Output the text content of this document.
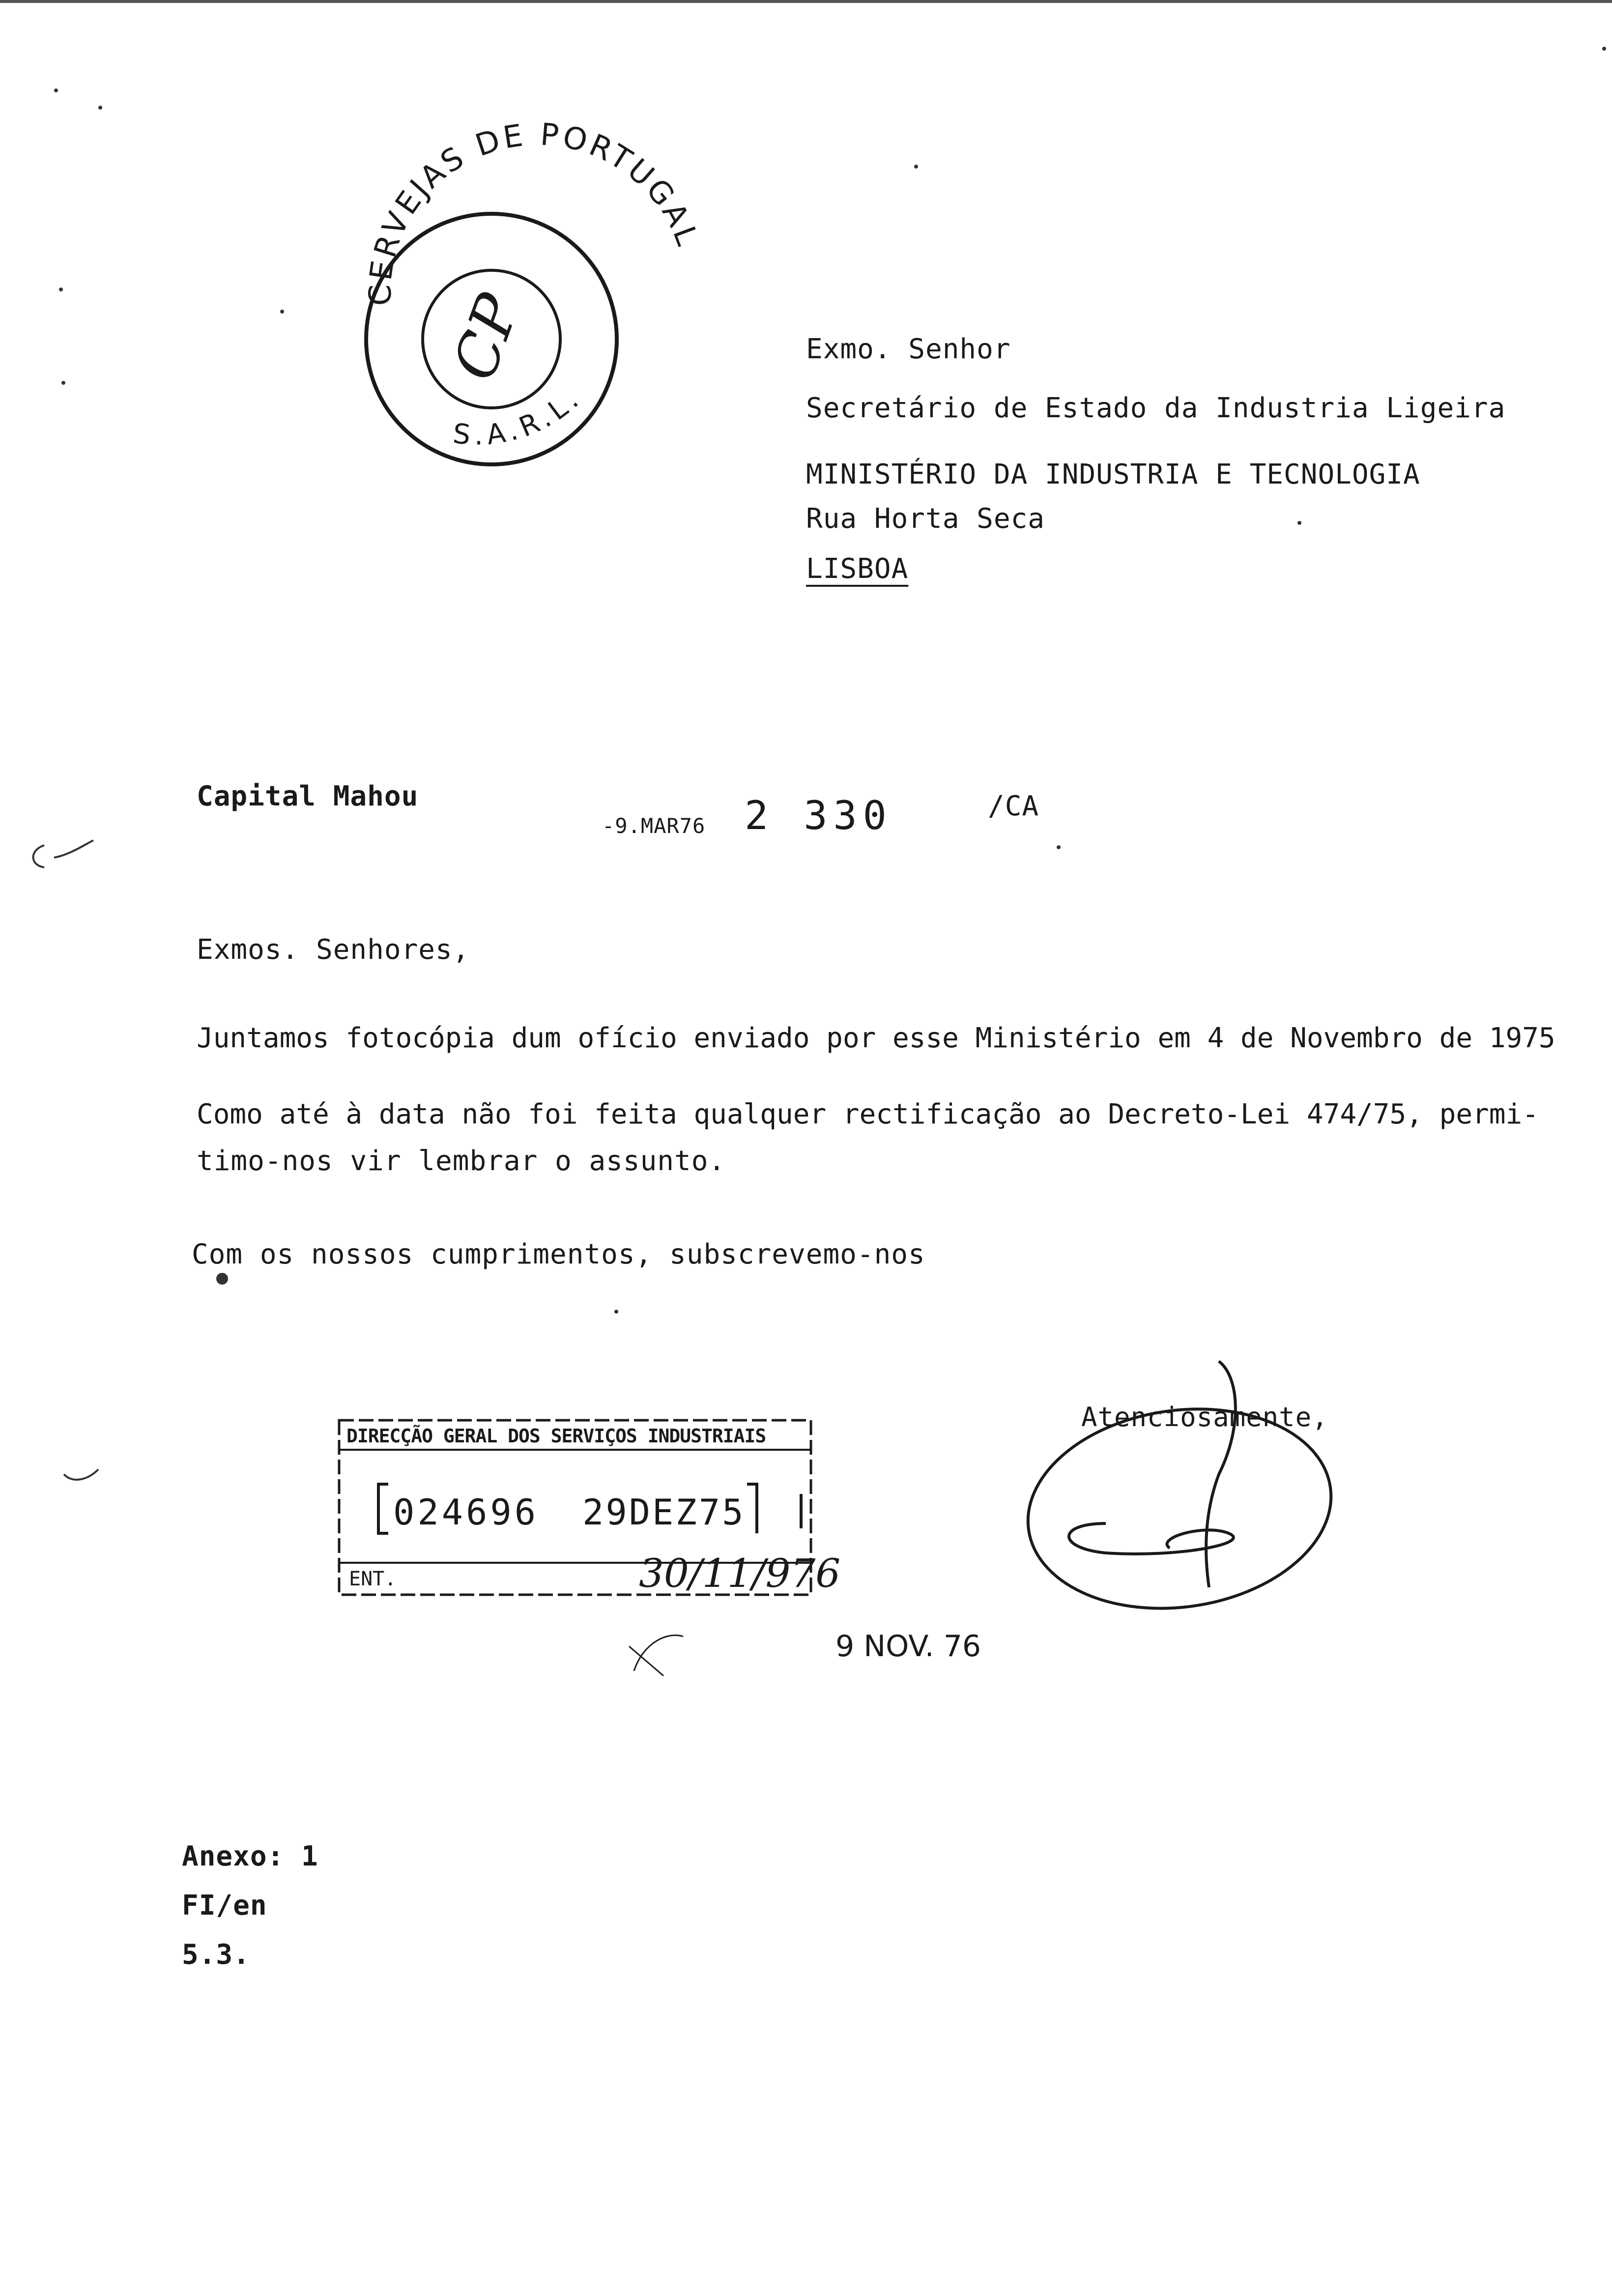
CERVEJAS DE PORTUGAL
S.A.R.L.
CP	Exmo. Senhor
Secretário de Estado da Industria Ligeira
MINISTÉRIO DA INDUSTRIA E TECNOLOGIA
Rua Horta Seca
LISBOA
Capital Mahou
-9.MAR76 2 330	/CA
Exmos. Senhores,
Juntamos fotocópia dum ofício enviado por esse Ministério em 4 de Novembro de 1975
Como até à data não foi feita qualquer rectificação ao Decreto-Lei 474/75, permi-
timo-nos vir lembrar o assunto.
Com os nossos cumprimentos, subscrevemo-nos
Atenciosamente,
DIRECÇÃO GERAL DOS SERVIÇOS INDUSTRIAIS
024696 29DEZ75
ENT.	30/11/976
9 NOV. 76
Anexo: 1
FI/en
5.3.
